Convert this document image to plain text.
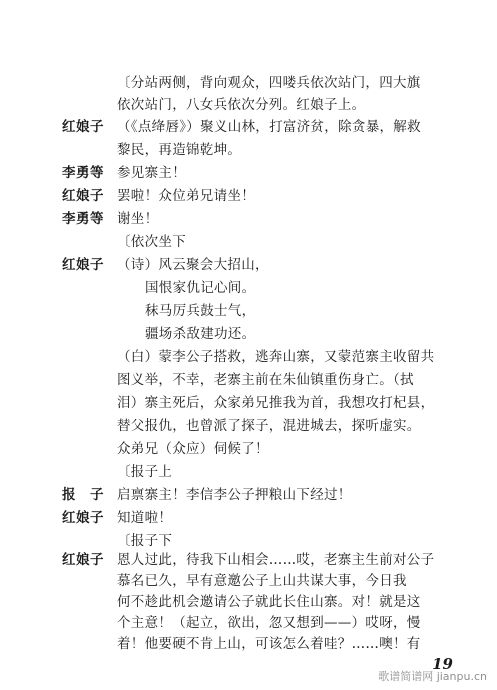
〔分站两侧，背向观众，四喽兵依次站门，四大旗
依次站门，八女兵依次分列。红娘子上。
红娘子 （《点绛唇》）聚义山林，打富济贫，除贪暴，解救
黎民，再造锦乾坤。
李勇等 参见寨主！
红娘子 罢啦！众位弟兄请坐！
李勇等 谢坐！
〔依次坐下
红娘子 （诗）风云聚会大招山，
国恨家仇记心间。
秣马厉兵鼓士气，
疆场杀敌建功还。
（白）蒙李公子搭救，逃奔山寨，又蒙范寨主收留共
图义举，不幸，老寨主前在朱仙镇重伤身亡。（拭
泪）寨主死后，众家弟兄推我为首，我想攻打杞县，
替父报仇，也曾派了探子，混进城去，探听虚实。
众弟兄（众应）伺候了！
〔报子上
报　子 启禀寨主！李信李公子押粮山下经过！
红娘子 知道啦！
〔报子下
红娘子 恩人过此，待我下山相会……哎，老寨主生前对公子
慕名已久，早有意邀公子上山共谋大事，今日我
何不趁此机会邀请公子就此长住山寨。对！就是这
个主意！（起立，欲出，忽又想到——）哎呀，慢
着！他要硬不肯上山，可该怎么着哇？……噢！有
19
歌谱简谱网 jianpu.cn
